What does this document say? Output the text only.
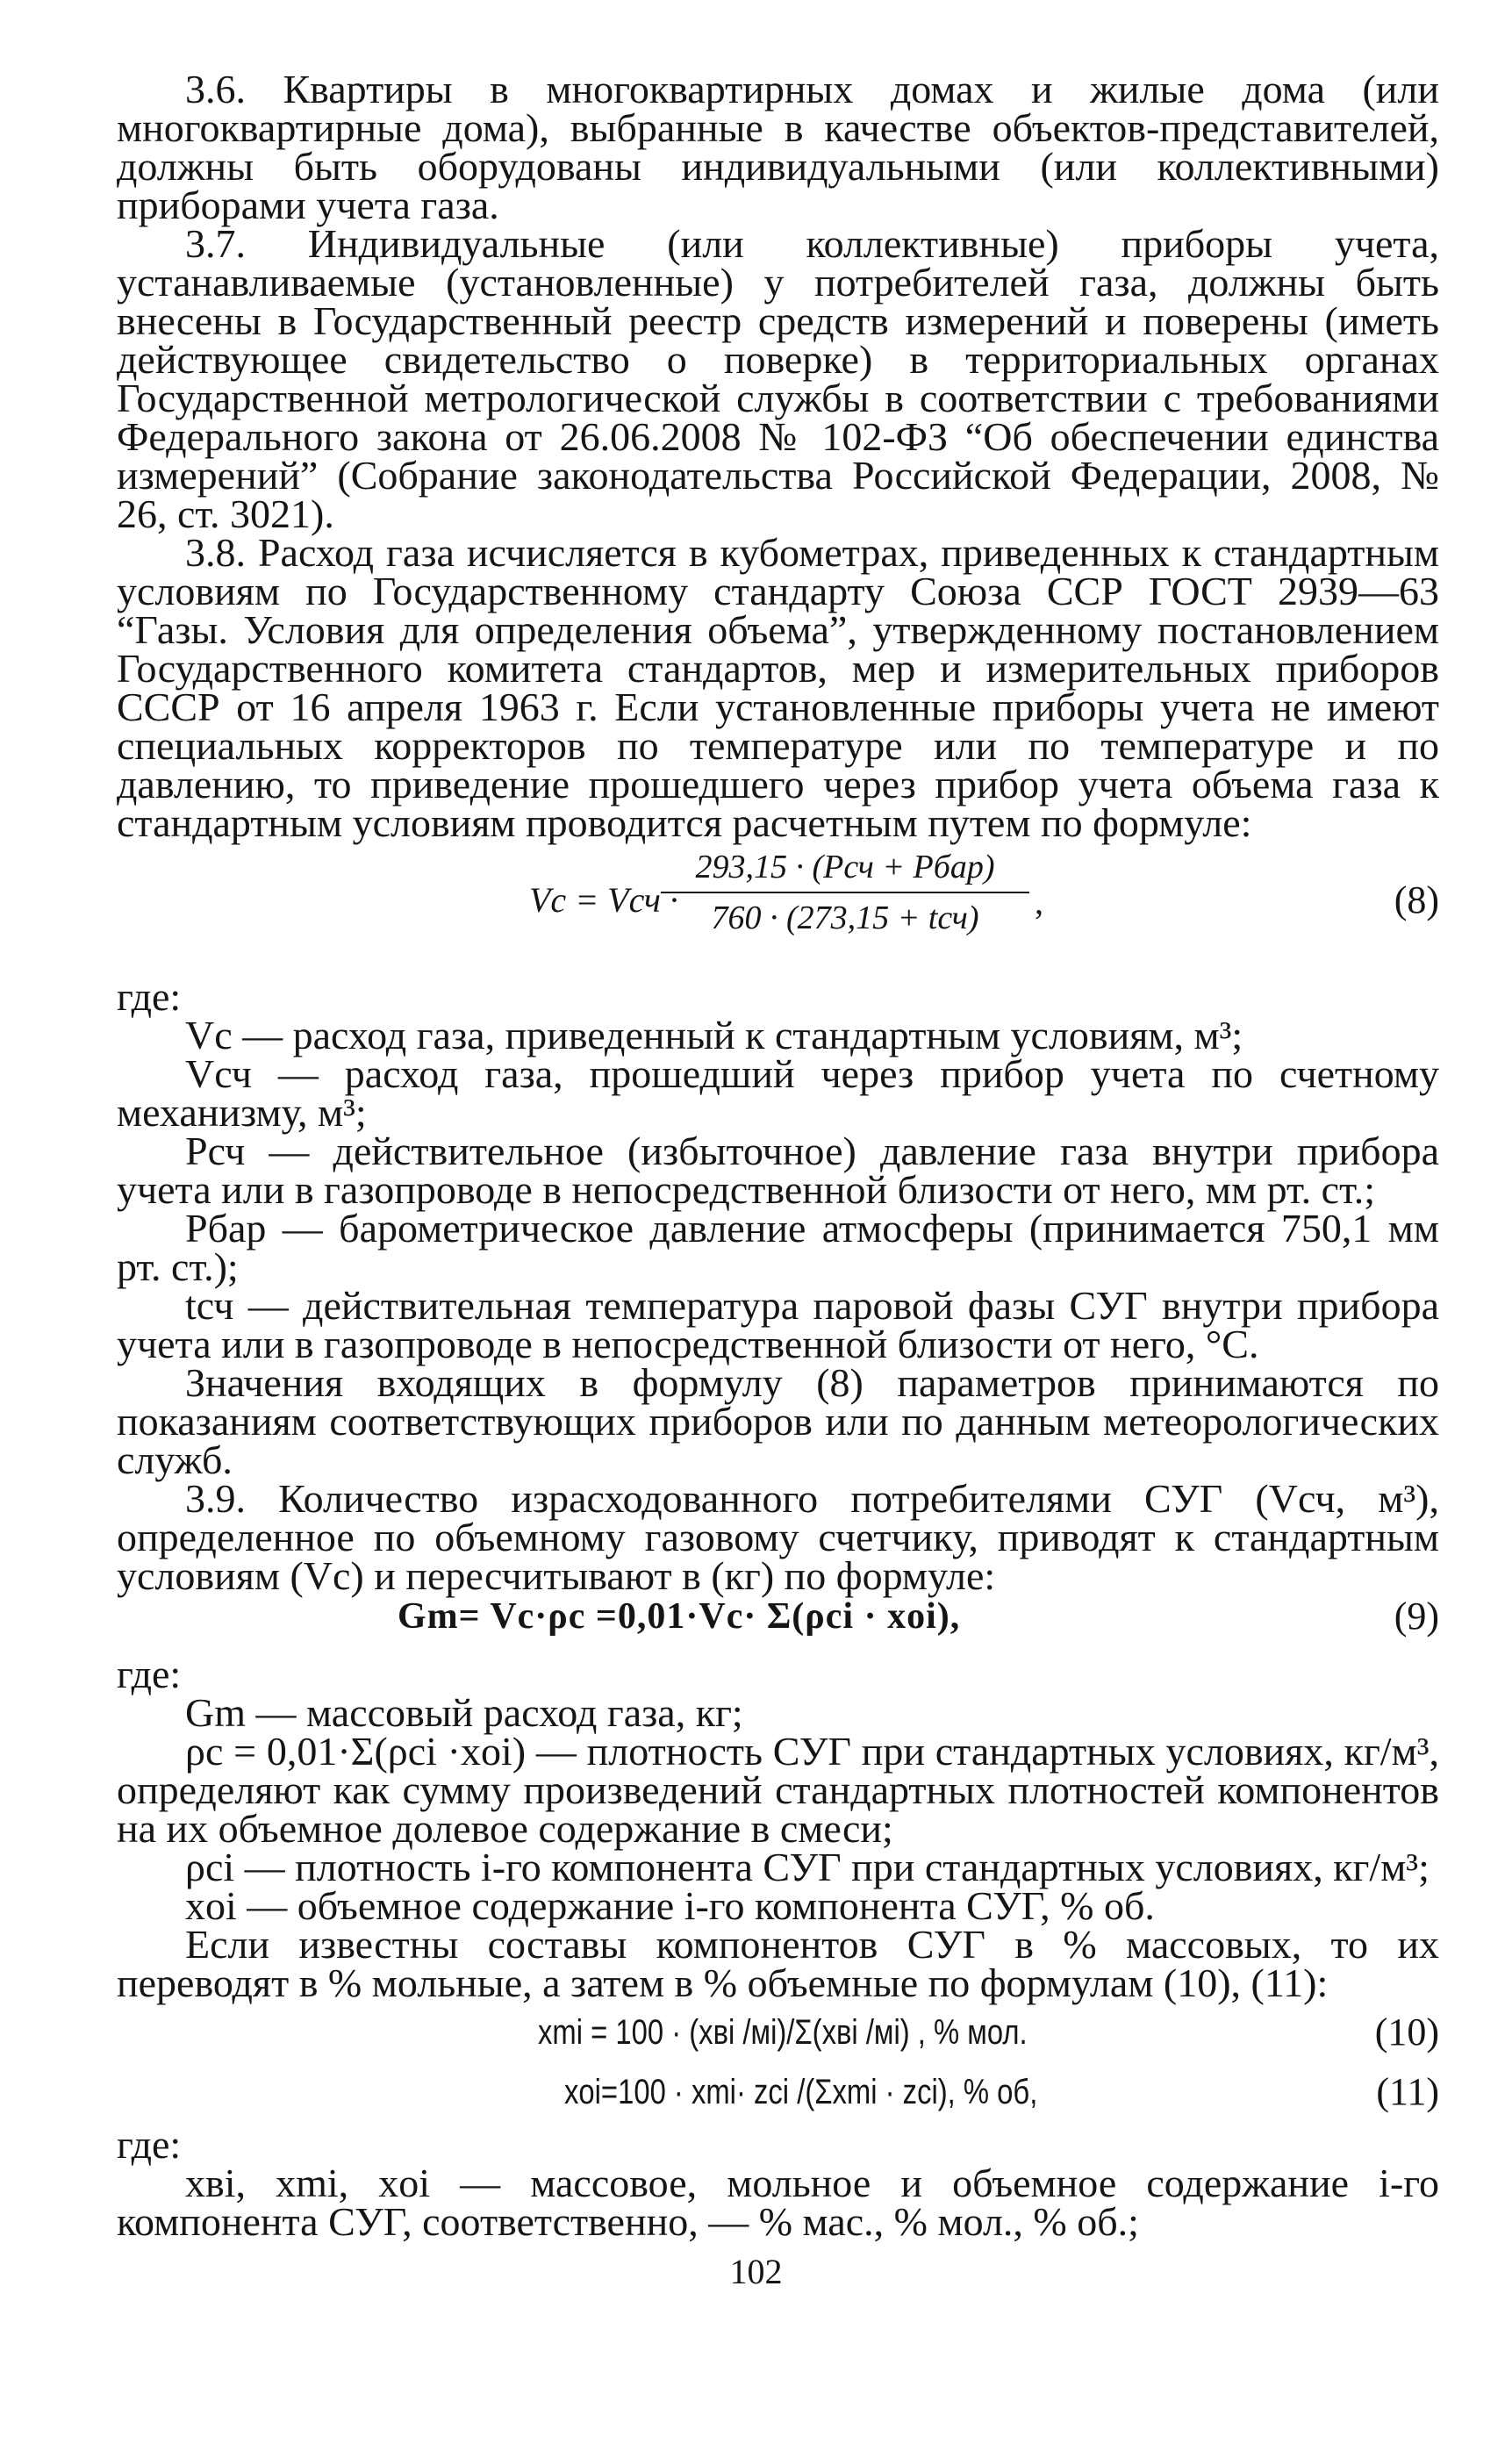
3.6. Квартиры в многоквартирных домах и жилые дома (или многоквартирные дома), выбранные в качестве объектов-представителей, должны быть оборудованы индивидуальными (или коллективными) приборами учета газа.

3.7. Индивидуальные (или коллективные) приборы учета, устанавливаемые (установленные) у потребителей газа, должны быть внесены в Государственный реестр средств измерений и поверены (иметь действующее свидетельство о поверке) в территориальных органах Государственной метрологической службы в соответствии с требованиями Федерального закона от 26.06.2008 № 102-ФЗ “Об обеспечении единства измерений” (Собрание законодательства Российской Федерации, 2008, № 26, ст. 3021).

3.8. Расход газа исчисляется в кубометрах, приведенных к стандартным условиям по Государственному стандарту Союза ССР ГОСТ 2939—63 “Газы. Условия для определения объема”, утвержденному постановлением Государственного комитета стандартов, мер и измерительных приборов СССР от 16 апреля 1963 г. Если установленные приборы учета не имеют специальных корректоров по температуре или по температуре и по давлению, то приведение прошедшего через прибор учета объема газа к стандартным условиям проводится расчетным путем по формуле:

Vс = Vсч ·
293,15 · (Рсч + Рбар)
760 · (273,15 + tсч)	,	(8)

где:

Vс — расход газа, приведенный к стандартным условиям, м³;

Vсч — расход газа, прошедший через прибор учета по счетному механизму, м³;

Рсч — действительное (избыточное) давление газа внутри прибора учета или в газопроводе в непосредственной близости от него, мм рт. ст.;

Рбар — барометрическое давление атмосферы (принимается 750,1 мм рт. ст.);

tсч — действительная температура паровой фазы СУГ внутри прибора учета или в газопроводе в непосредственной близости от него, °С.

Значения входящих в формулу (8) параметров принимаются по показаниям соответствующих приборов или по данным метеорологических служб.

3.9. Количество израсходованного потребителями СУГ (Vсч, м³), определенное по объемному газовому счетчику, приводят к стандартным условиям (Vс) и пересчитывают в (кг) по формуле:

Gm= Vс·ρс =0,01·Vс· Σ(ρci · xoi),	(9)

где:

Gm — массовый расход газа, кг;

ρс = 0,01·Σ(ρci ·xoi) — плотность СУГ при стандартных условиях, кг/м³, определяют как сумму произведений стандартных плотностей компонентов на их объемное долевое содержание в смеси;

ρci — плотность i-го компонента СУГ при стандартных условиях, кг/м³;

xoi — объемное содержание i-го компонента СУГ, % об.

Если известны составы компонентов СУГ в % массовых, то их переводят в % мольные, а затем в % объемные по формулам (10), (11):

xmi = 100 · (xвi /мi)/Σ(xвi /мi) , % мол.	(10)
xoi=100 · xmi· zci /(Σxmi · zci), % об,	(11)

где:

xвi, xmi, xoi — массовое, мольное и объемное содержание i-го компонента СУГ, соответственно, — % мас., % мол., % об.;

102
